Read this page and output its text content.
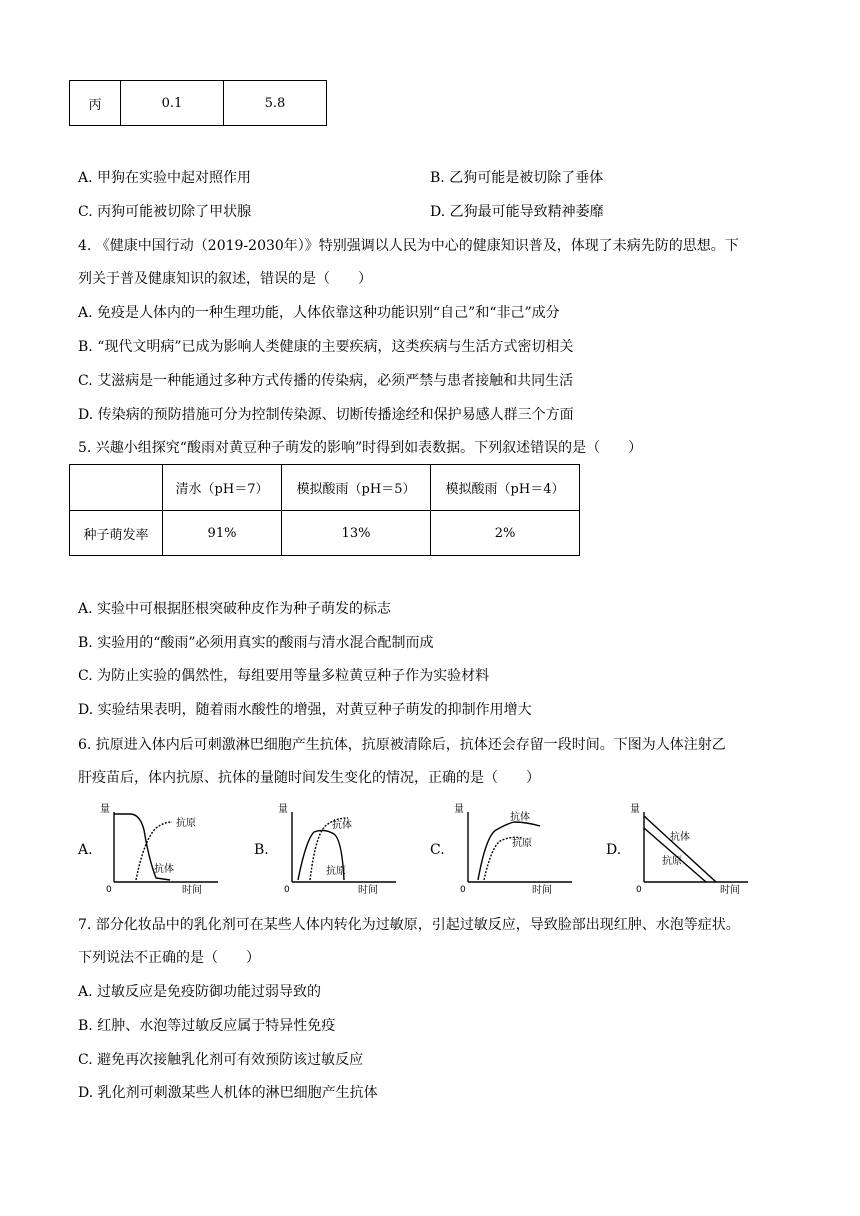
丙	0.1	5.8
A. 甲狗在实验中起对照作用	B. 乙狗可能是被切除了垂体
C. 丙狗可能被切除了甲状腺	D. 乙狗最可能导致精神萎靡
4. 《健康中国行动（2019-2030年）》特别强调以人民为中心的健康知识普及，体现了未病先防的思想。下
列关于普及健康知识的叙述，错误的是（　　）
A. 免疫是人体内的一种生理功能，人体依靠这种功能识别“自己”和“非己”成分
B. “现代文明病”已成为影响人类健康的主要疾病，这类疾病与生活方式密切相关
C. 艾滋病是一种能通过多种方式传播的传染病，必须严禁与患者接触和共同生活
D. 传染病的预防措施可分为控制传染源、切断传播途经和保护易感人群三个方面
5. 兴趣小组探究“酸雨对黄豆种子萌发的影响”时得到如表数据。下列叙述错误的是（　　）
	清水（pH＝7）	模拟酸雨（pH＝5）	模拟酸雨（pH＝4）
种子萌发率	91%	13%	2%
A. 实验中可根据胚根突破种皮作为种子萌发的标志
B. 实验用的“酸雨”必须用真实的酸雨与清水混合配制而成
C. 为防止实验的偶然性，每组要用等量多粒黄豆种子作为实验材料
D. 实验结果表明，随着雨水酸性的增强，对黄豆种子萌发的抑制作用增大
6. 抗原进入体内后可刺激淋巴细胞产生抗体，抗原被清除后，抗体还会存留一段时间。下图为人体注射乙
肝疫苗后，体内抗原、抗体的量随时间发生变化的情况，正确的是（　　）
A.	B.	C.	D.
量
0	时间
抗原
抗体
量
0	时间
抗体
抗原
量
0	时间
抗体
抗原
量
0	时间
抗体
抗原
7. 部分化妆品中的乳化剂可在某些人体内转化为过敏原，引起过敏反应，导致脸部出现红肿、水泡等症状。
下列说法不正确的是（　　）
A. 过敏反应是免疫防御功能过弱导致的
B. 红肿、水泡等过敏反应属于特异性免疫
C. 避免再次接触乳化剂可有效预防该过敏反应
D. 乳化剂可刺激某些人机体的淋巴细胞产生抗体
